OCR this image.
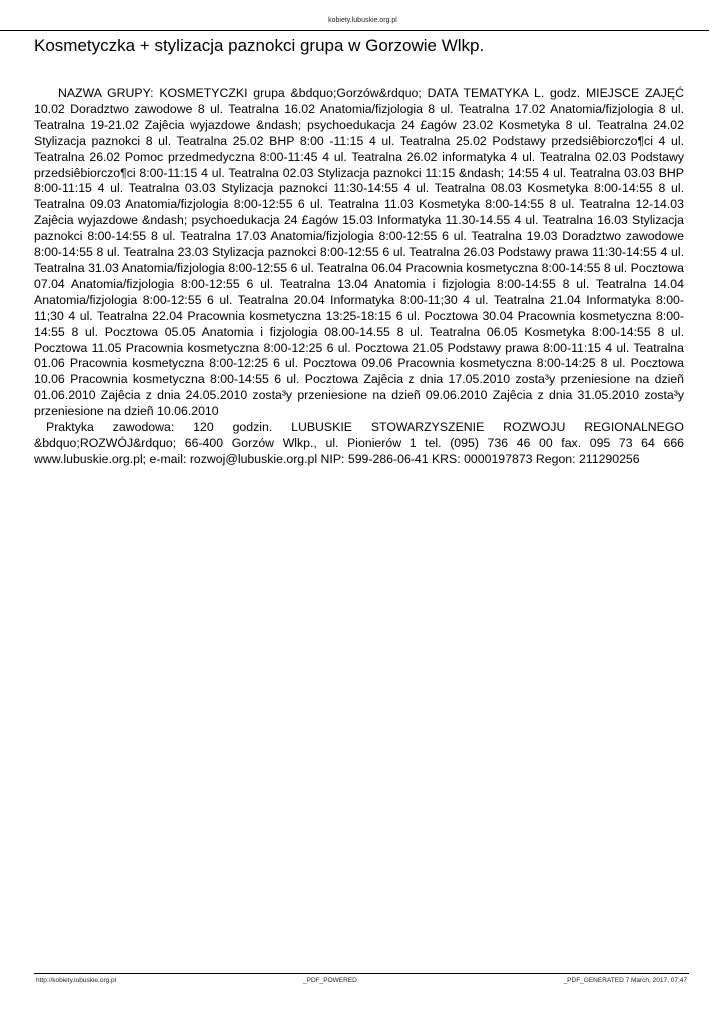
kobiety.lubuskie.org.pl
Kosmetyczka + stylizacja paznokci grupa w Gorzowie Wlkp.

NAZWA GRUPY: KOSMETYCZKI grupa &bdquo;Gorzów&rdquo; DATA TEMATYKA L. godz. MIEJSCE ZAJĘĆ 10.02 Doradztwo zawodowe 8 ul. Teatralna 16.02 Anatomia/fizjologia 8 ul. Teatralna 17.02 Anatomia/fizjologia 8 ul. Teatralna 19-21.02 Zajêcia wyjazdowe &ndash; psychoedukacja 24 £agów 23.02 Kosmetyka 8 ul. Teatralna 24.02 Stylizacja paznokci 8 ul. Teatralna 25.02 BHP 8:00 -11:15 4 ul. Teatralna 25.02 Podstawy przedsiêbiorczo¶ci 4 ul. Teatralna 26.02 Pomoc przedmedyczna 8:00-11:45 4 ul. Teatralna 26.02 informatyka 4 ul. Teatralna 02.03 Podstawy przedsiêbiorczo¶ci 8:00-11:15 4 ul. Teatralna 02.03 Stylizacja paznokci 11:15 &ndash; 14:55 4 ul. Teatralna 03.03 BHP 8:00-11:15 4 ul. Teatralna 03.03 Stylizacja paznokci 11:30-14:55 4 ul. Teatralna 08.03 Kosmetyka 8:00-14:55 8 ul. Teatralna 09.03 Anatomia/fizjologia 8:00-12:55 6 ul. Teatralna 11.03 Kosmetyka 8:00-14:55 8 ul. Teatralna 12-14.03 Zajêcia wyjazdowe &ndash; psychoedukacja 24 £agów 15.03 Informatyka 11.30-14.55 4 ul. Teatralna 16.03 Stylizacja paznokci 8:00-14:55 8 ul. Teatralna 17.03 Anatomia/fizjologia 8:00-12:55 6 ul. Teatralna 19.03 Doradztwo zawodowe 8:00-14:55 8 ul. Teatralna 23.03 Stylizacja paznokci 8:00-12:55 6 ul. Teatralna 26.03 Podstawy prawa 11:30-14:55 4 ul. Teatralna 31.03 Anatomia/fizjologia 8:00-12:55 6 ul. Teatralna 06.04 Pracownia kosmetyczna 8:00-14:55 8 ul. Pocztowa 07.04 Anatomia/fizjologia 8:00-12:55 6 ul. Teatralna 13.04 Anatomia i fizjologia 8:00-14:55 8 ul. Teatralna 14.04 Anatomia/fizjologia 8:00-12:55 6 ul. Teatralna 20.04 Informatyka 8:00-11;30 4 ul. Teatralna 21.04 Informatyka 8:00-11;30 4 ul. Teatralna 22.04 Pracownia kosmetyczna 13:25-18:15 6 ul. Pocztowa 30.04 Pracownia kosmetyczna 8:00-14:55 8 ul. Pocztowa 05.05 Anatomia i fizjologia 08.00-14.55 8 ul. Teatralna 06.05 Kosmetyka 8:00-14:55 8 ul. Pocztowa 11.05 Pracownia kosmetyczna 8:00-12:25 6 ul. Pocztowa 21.05 Podstawy prawa 8:00-11:15 4 ul. Teatralna 01.06 Pracownia kosmetyczna 8:00-12:25 6 ul. Pocztowa 09.06 Pracownia kosmetyczna 8:00-14:25 8 ul. Pocztowa 10.06 Pracownia kosmetyczna 8:00-14:55 6 ul. Pocztowa Zajêcia z dnia 17.05.2010 zosta³y przeniesione na dzieñ 01.06.2010 Zajêcia z dnia 24.05.2010 zosta³y przeniesione na dzieñ 09.06.2010 Zajêcia z dnia 31.05.2010 zosta³y przeniesione na dzieñ 10.06.2010

Praktyka zawodowa: 120 godzin. LUBUSKIE STOWARZYSZENIE ROZWOJU REGIONALNEGO &bdquo;ROZWÓJ&rdquo; 66-400 Gorzów Wlkp., ul. Pionierów 1 tel. (095) 736 46 00 fax. 095 73 64 666 www.lubuskie.org.pl; e-mail: rozwoj@lubuskie.org.pl NIP: 599-286-06-41 KRS: 0000197873 Regon: 211290256

http://kobiety.lubuskie.org.pl	_PDF_POWERED	_PDF_GENERATED 7 March, 2017, 07:47
